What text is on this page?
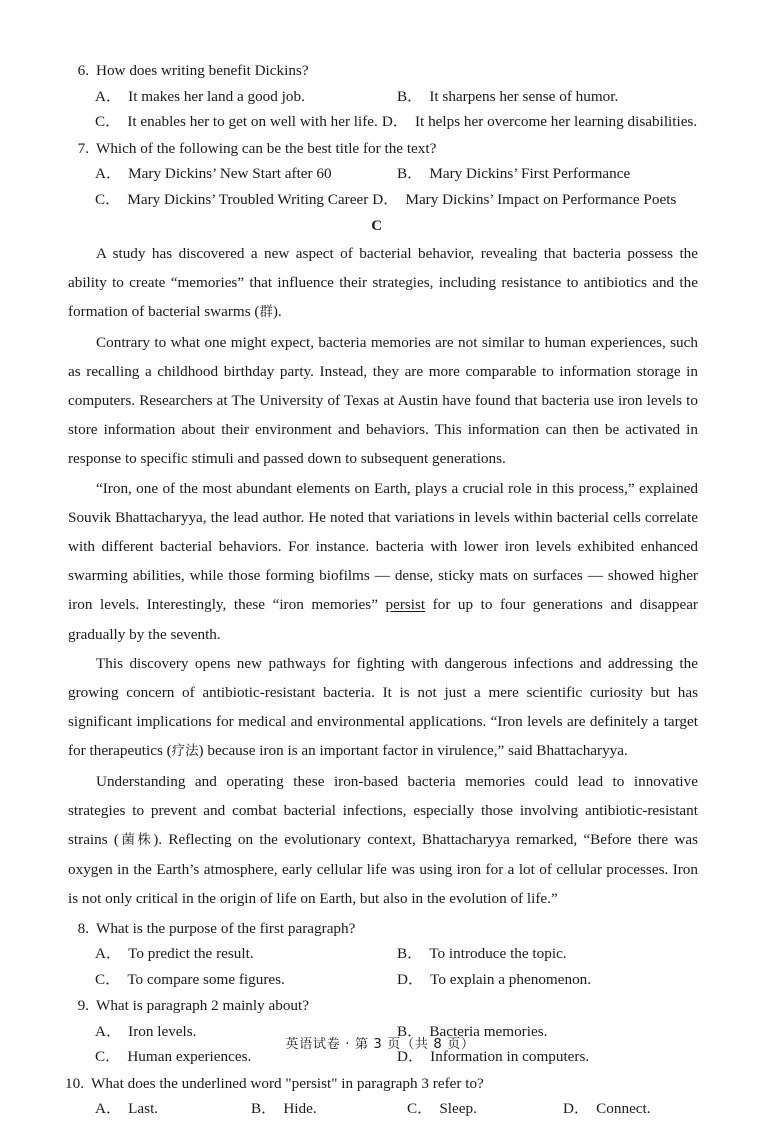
6. How does writing benefit Dickins?
A． It makes her land a good job.	B． It sharpens her sense of humor.
C． It enables her to get on well with her life. D． It helps her overcome her learning disabilities.
7. Which of the following can be the best title for the text?
A． Mary Dickins’ New Start after 60	B． Mary Dickins’ First Performance
C． Mary Dickins’ Troubled Writing Career D． Mary Dickins’ Impact on Performance Poets
C

A study has discovered a new aspect of bacterial behavior, revealing that bacteria possess the ability to create “memories” that influence their strategies, including resistance to antibiotics and the formation of bacterial swarms (群).

Contrary to what one might expect, bacteria memories are not similar to human experiences, such as recalling a childhood birthday party. Instead, they are more comparable to information storage in computers. Researchers at The University of Texas at Austin have found that bacteria use iron levels to store information about their environment and behaviors. This information can then be activated in response to specific stimuli and passed down to subsequent generations.

“Iron, one of the most abundant elements on Earth, plays a crucial role in this process,” explained Souvik Bhattacharyya, the lead author. He noted that variations in levels within bacterial cells correlate with different bacterial behaviors. For instance. bacteria with lower iron levels exhibited enhanced swarming abilities, while those forming biofilms — dense, sticky mats on surfaces — showed higher iron levels. Interestingly, these “iron memories” persist for up to four generations and disappear gradually by the seventh.

This discovery opens new pathways for fighting with dangerous infections and addressing the growing concern of antibiotic-resistant bacteria. It is not just a mere scientific curiosity but has significant implications for medical and environmental applications. “Iron levels are definitely a target for therapeutics (疗法) because iron is an important factor in virulence,” said Bhattacharyya.

Understanding and operating these iron-based bacteria memories could lead to innovative strategies to prevent and combat bacterial infections, especially those involving antibiotic-resistant strains (菌株). Reflecting on the evolutionary context, Bhattacharyya remarked, “Before there was oxygen in the Earth’s atmosphere, early cellular life was using iron for a lot of cellular processes. Iron is not only critical in the origin of life on Earth, but also in the evolution of life.”

8. What is the purpose of the first paragraph?
A． To predict the result.	B． To introduce the topic.
C． To compare some figures.	D． To explain a phenomenon.
9. What is paragraph 2 mainly about?
A． Iron levels.	B． Bacteria memories.
C． Human experiences.	D． Information in computers.
10. What does the underlined word "persist" in paragraph 3 refer to?
A． Last.	B． Hide.	C． Sleep.	D． Connect.
英语试卷 · 第 3 页（共 8 页）
